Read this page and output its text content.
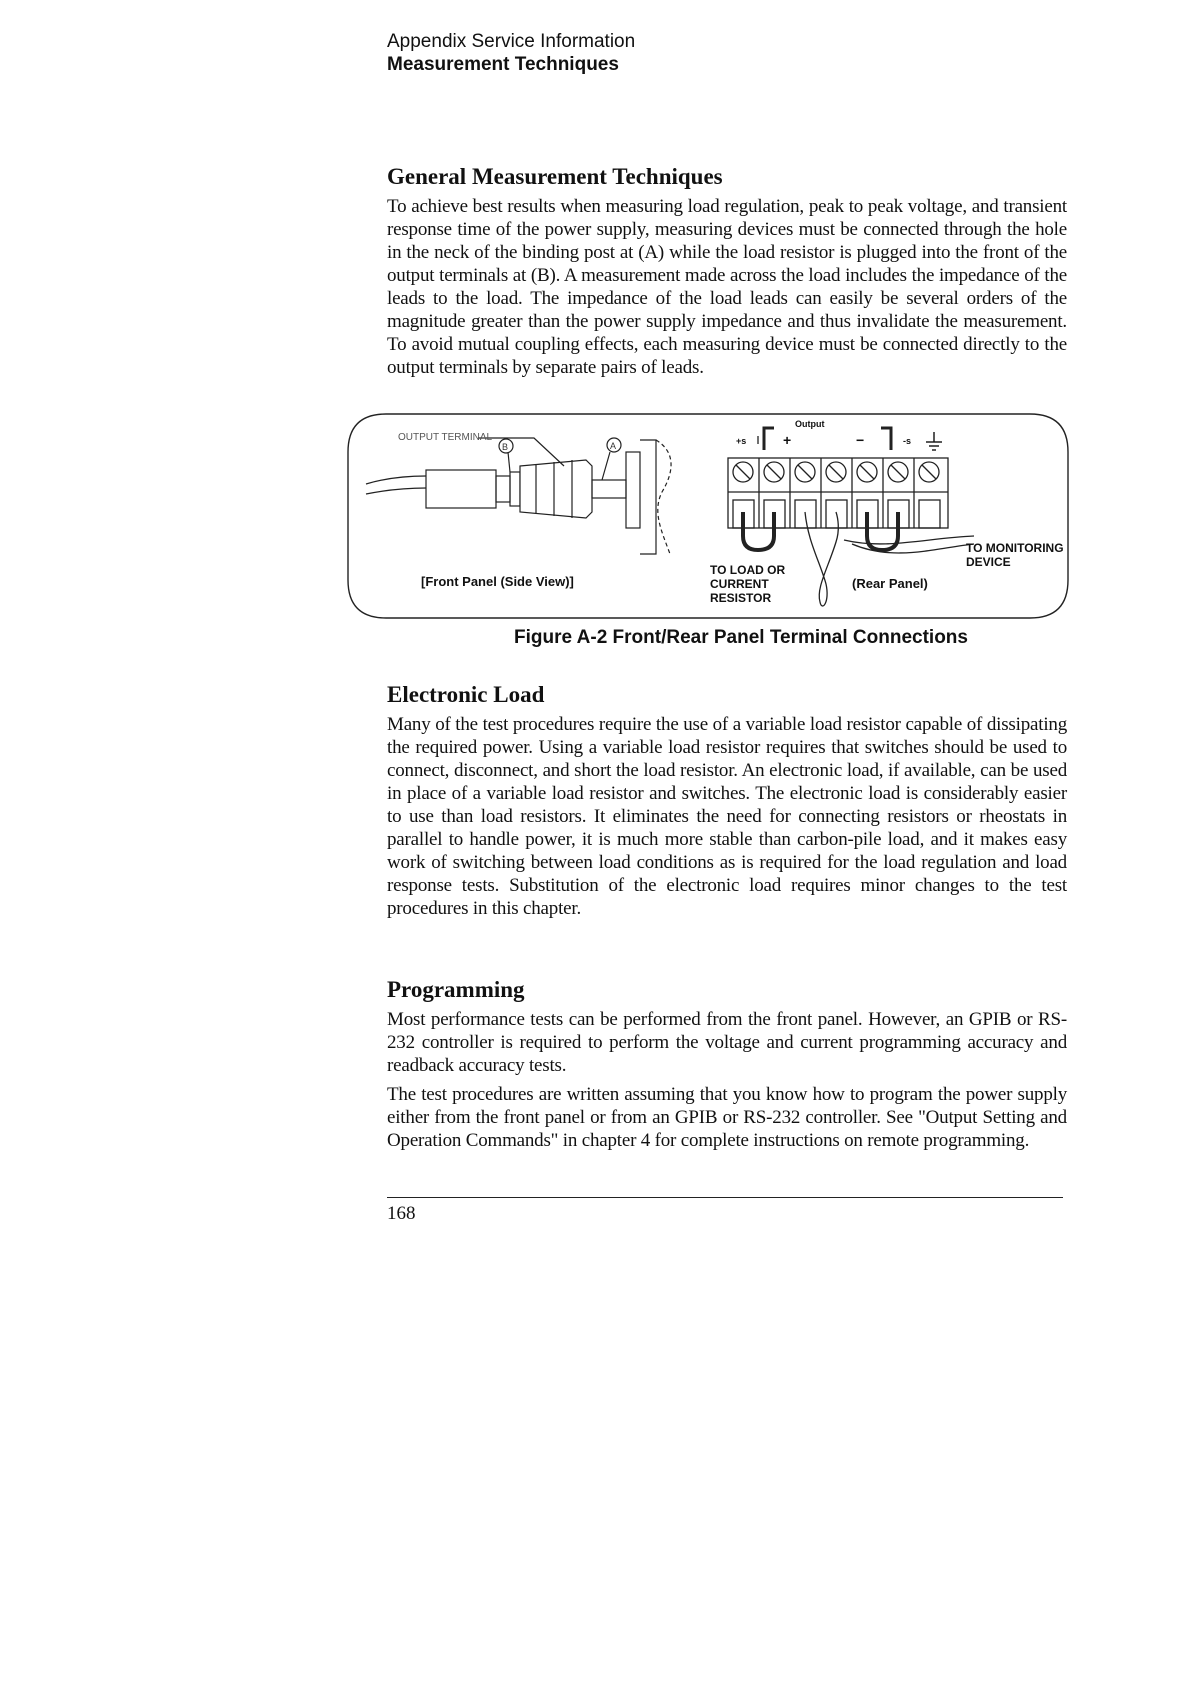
Appendix Service Information
Measurement Techniques
General Measurement Techniques

To achieve best results when measuring load regulation, peak to peak voltage, and transient response time of the power supply, measuring devices must be connected through the hole in the neck of the binding post at (A) while the load resistor is plugged into the front of the output terminals at (B). A measurement made across the load includes the impedance of the leads to the load. The impedance of the load leads can easily be several orders of the magnitude greater than the power supply impedance and thus invalidate the measurement. To avoid mutual coupling effects, each measuring device must be connected directly to the output terminals by separate pairs of leads.

OUTPUT TERMINAL
B	A
[Front Panel (Side View)]
Output
+s	+	−	-s
TO LOAD OR
CURRENT
RESISTOR
(Rear Panel)
TO MONITORING
DEVICE
Figure A-2 Front/Rear Panel Terminal Connections
Electronic Load

Many of the test procedures require the use of a variable load resistor capable of dissipating the required power. Using a variable load resistor requires that switches should be used to connect, disconnect, and short the load resistor. An electronic load, if available, can be used in place of a variable load resistor and switches. The electronic load is considerably easier to use than load resistors. It eliminates the need for connecting resistors or rheostats in parallel to handle power, it is much more stable than carbon-pile load, and it makes easy work of switching between load conditions as is required for the load regulation and load response tests. Substitution of the electronic load requires minor changes to the test procedures in this chapter.

Programming

Most performance tests can be performed from the front panel. However, an GPIB or RS-232 controller is required to perform the voltage and current programming accuracy and readback accuracy tests.

The test procedures are written assuming that you know how to program the power supply either from the front panel or from an GPIB or RS-232 controller. See "Output Setting and Operation Commands" in chapter 4 for complete instructions on remote programming.

168
